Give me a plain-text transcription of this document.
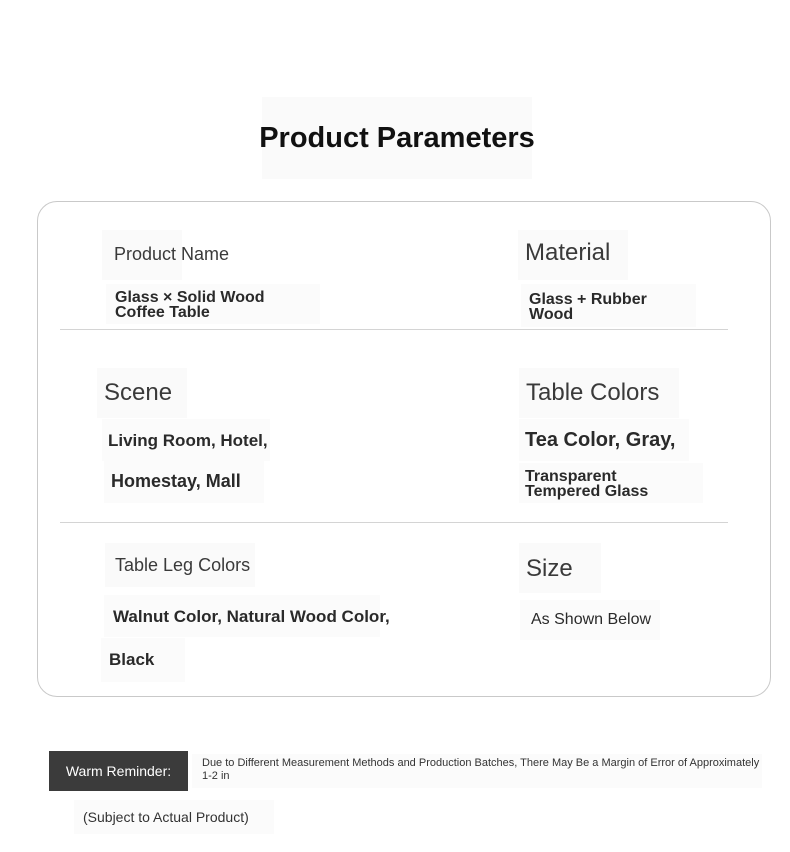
Product Parameters
Product Name
Glass × Solid Wood
Coffee Table
Material
Glass + Rubber
Wood
Scene
Living Room, Hotel,
Homestay, Mall
Table Colors
Tea Color, Gray,
Transparent
Tempered Glass
Table Leg Colors
Walnut Color, Natural Wood Color,
Black
Size
As Shown Below
Warm Reminder:	Due to Different Measurement Methods and Production Batches, There May Be a Margin of Error of Approximately 1-2 in
(Subject to Actual Product)
